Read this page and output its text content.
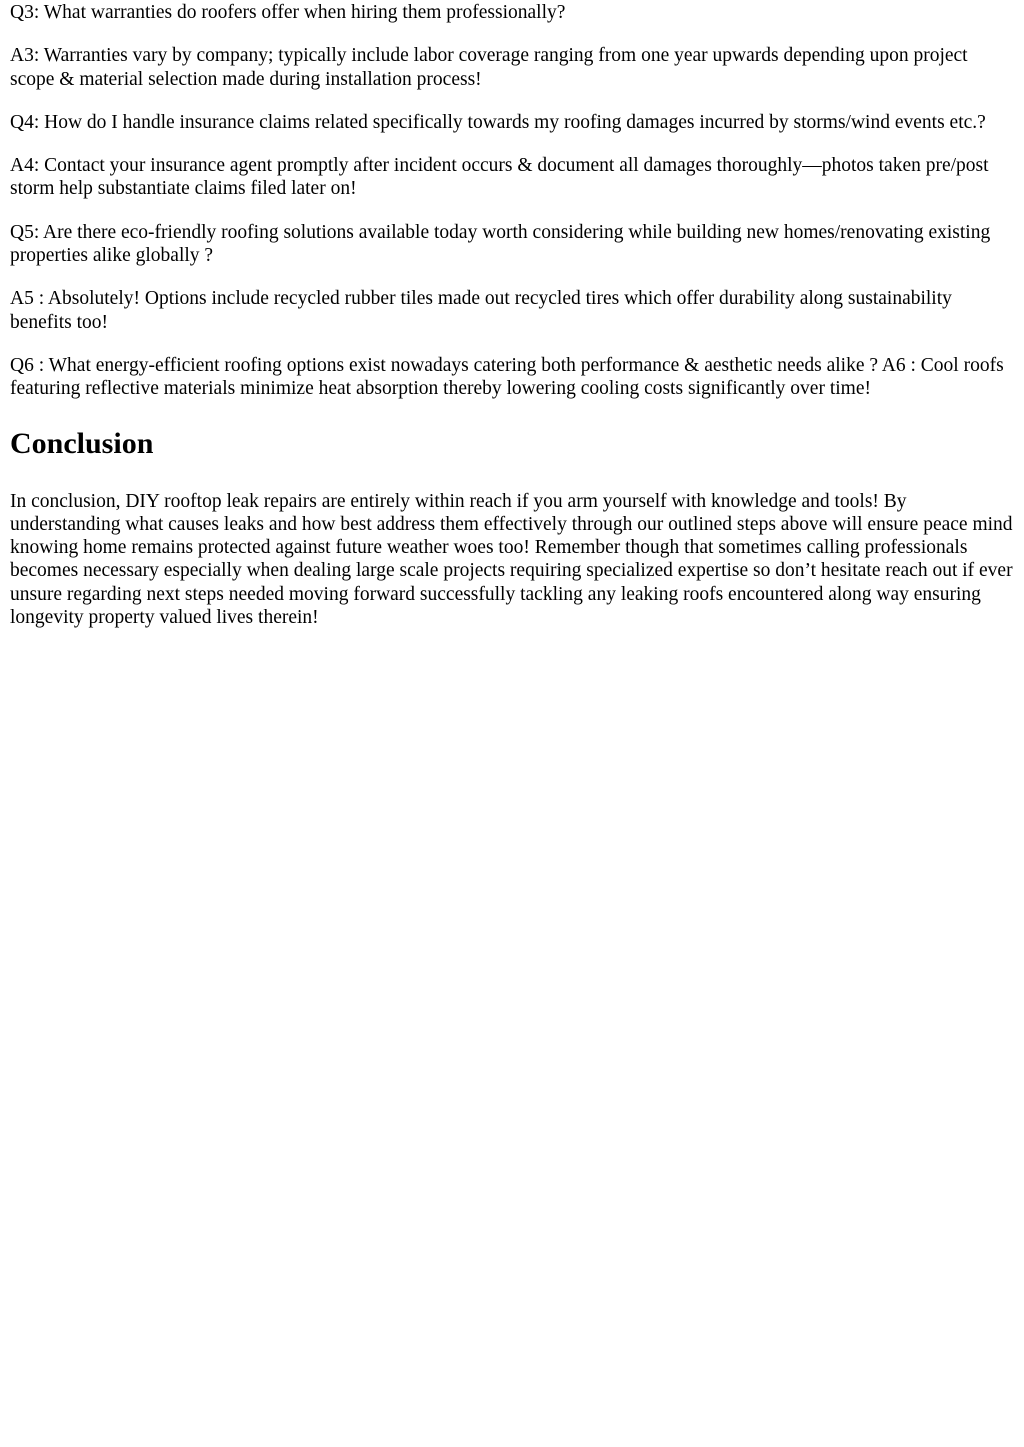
Q3: What warranties do roofers offer when hiring them professionally?

A3: Warranties vary by company; typically include labor coverage ranging from one year upwards depending upon project scope & material selection made during installation process!

Q4: How do I handle insurance claims related specifically towards my roofing damages incurred by storms/wind events etc.?

A4: Contact your insurance agent promptly after incident occurs & document all damages thoroughly—photos taken pre/post storm help substantiate claims filed later on!

Q5: Are there eco-friendly roofing solutions available today worth considering while building new homes/renovating existing properties alike globally ?

A5 : Absolutely! Options include recycled rubber tiles made out recycled tires which offer durability along sustainability benefits too!

Q6 : What energy-efficient roofing options exist nowadays catering both performance & aesthetic needs alike ? A6 : Cool roofs featuring reflective materials minimize heat absorption thereby lowering cooling costs significantly over time!

Conclusion

In conclusion, DIY rooftop leak repairs are entirely within reach if you arm yourself with knowledge and tools! By understanding what causes leaks and how best address them effectively through our outlined steps above will ensure peace mind knowing home remains protected against future weather woes too! Remember though that sometimes calling professionals becomes necessary especially when dealing large scale projects requiring specialized expertise so don’t hesitate reach out if ever unsure regarding next steps needed moving forward successfully tackling any leaking roofs encountered along way ensuring longevity property valued lives therein!
